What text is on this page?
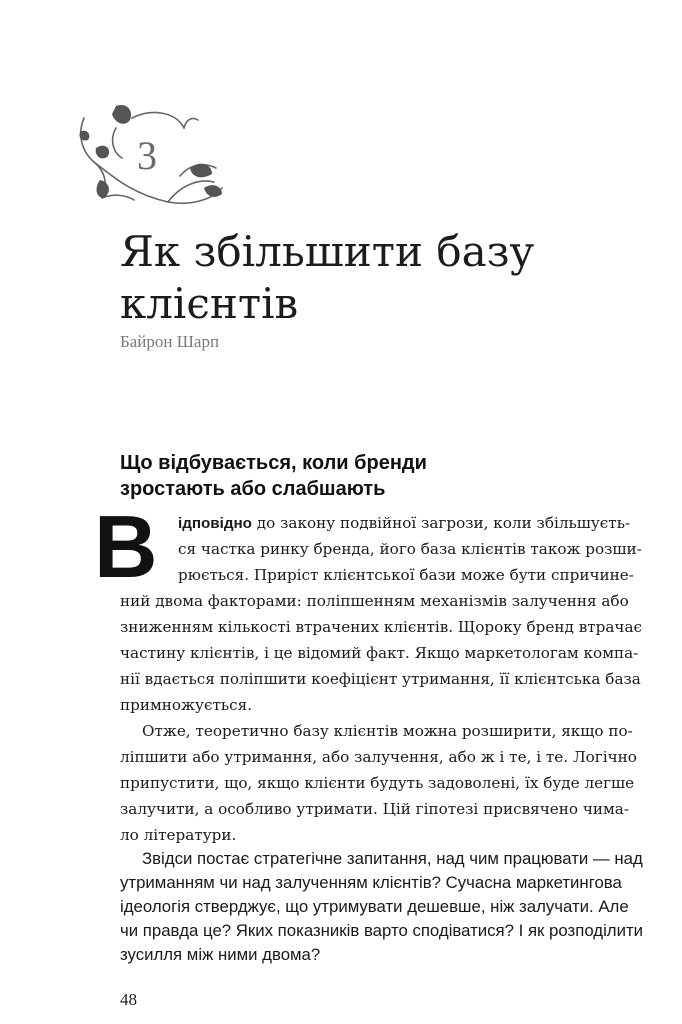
3
Як збільшити базу
клієнтів
Байрон Шарп
Що відбувається, коли бренди
зростають або слабшають
В ідповідно до закону подвійної загрози, коли збільшуєть-
ся частка ринку бренда, його база клієнтів також розши-
рюється. Приріст клієнтської бази може бути спричине-
ний двома факторами: поліпшенням механізмів залучення або
зниженням кількості втрачених клієнтів. Щороку бренд втрачає
частину клієнтів, і це відомий факт. Якщо маркетологам компа-
нії вдається поліпшити коефіцієнт утримання, її клієнтська база
примножується.
Отже, теоретично базу клієнтів можна розширити, якщо по-
ліпшити або утримання, або залучення, або ж і те, і те. Логічно
припустити, що, якщо клієнти будуть задоволені, їх буде легше
залучити, а особливо утримати. Цій гіпотезі присвячено чима-
ло літератури.
Звідси постає стратегічне запитання, над чим працювати — над
утриманням чи над залученням клієнтів? Сучасна маркетингова
ідеологія стверджує, що утримувати дешевше, ніж залучати. Але
чи правда це? Яких показників варто сподіватися? І як розподілити
зусилля між ними двома?
48
